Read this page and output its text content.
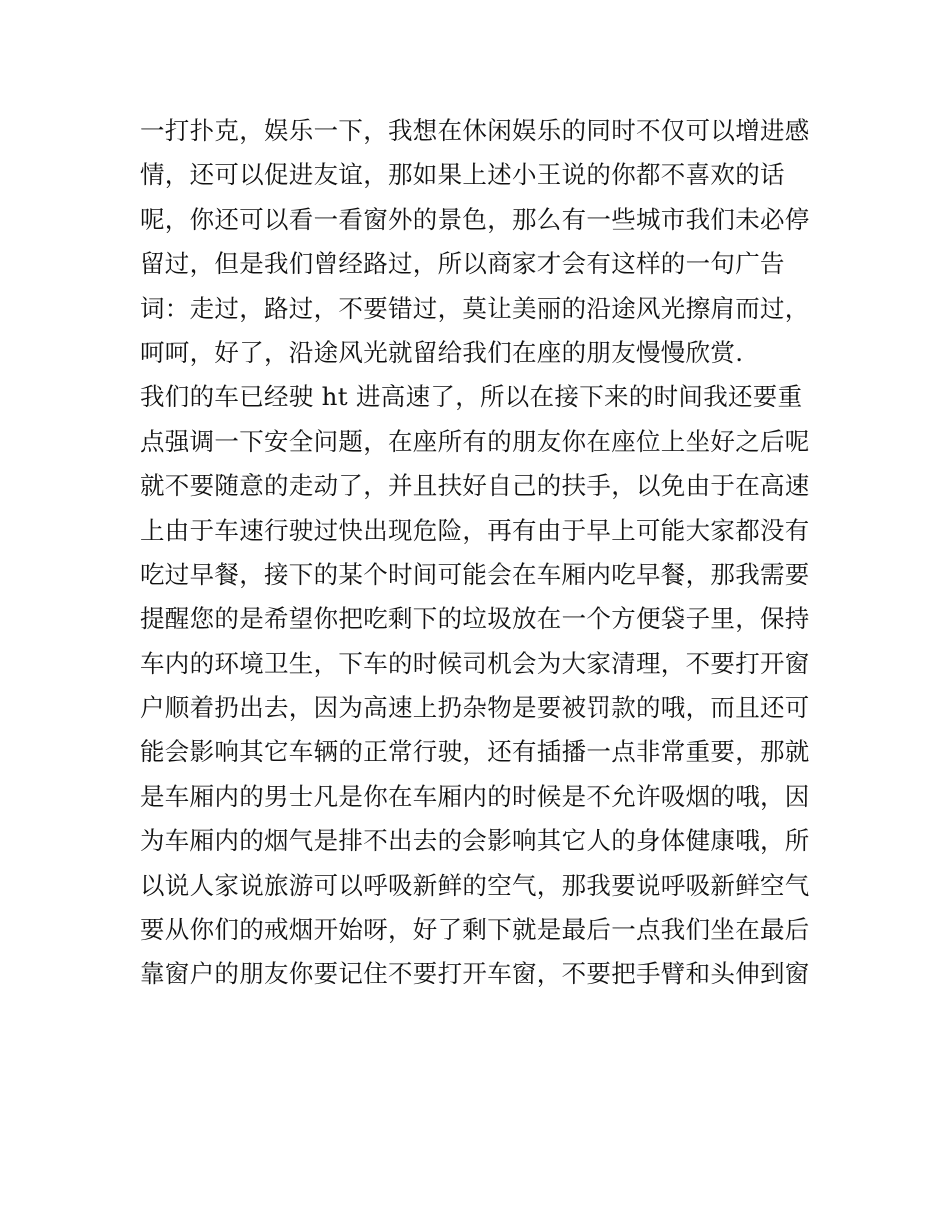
一打扑克，娱乐一下，我想在休闲娱乐的同时不仅可以增进感
情，还可以促进友谊，那如果上述小王说的你都不喜欢的话
呢，你还可以看一看窗外的景色，那么有一些城市我们未必停
留过，但是我们曾经路过，所以商家才会有这样的一句广告
词：走过，路过，不要错过，莫让美丽的沿途风光擦肩而过，
呵呵，好了，沿途风光就留给我们在座的朋友慢慢欣赏.
我们的车已经驶 ht 进高速了，所以在接下来的时间我还要重
点强调一下安全问题，在座所有的朋友你在座位上坐好之后呢
就不要随意的走动了，并且扶好自己的扶手，以免由于在高速
上由于车速行驶过快出现危险，再有由于早上可能大家都没有
吃过早餐，接下的某个时间可能会在车厢内吃早餐，那我需要
提醒您的是希望你把吃剩下的垃圾放在一个方便袋子里，保持
车内的环境卫生，下车的时候司机会为大家清理，不要打开窗
户顺着扔出去，因为高速上扔杂物是要被罚款的哦，而且还可
能会影响其它车辆的正常行驶，还有插播一点非常重要，那就
是车厢内的男士凡是你在车厢内的时候是不允许吸烟的哦，因
为车厢内的烟气是排不出去的会影响其它人的身体健康哦，所
以说人家说旅游可以呼吸新鲜的空气，那我要说呼吸新鲜空气
要从你们的戒烟开始呀，好了剩下就是最后一点我们坐在最后
靠窗户的朋友你要记住不要打开车窗，不要把手臂和头伸到窗
